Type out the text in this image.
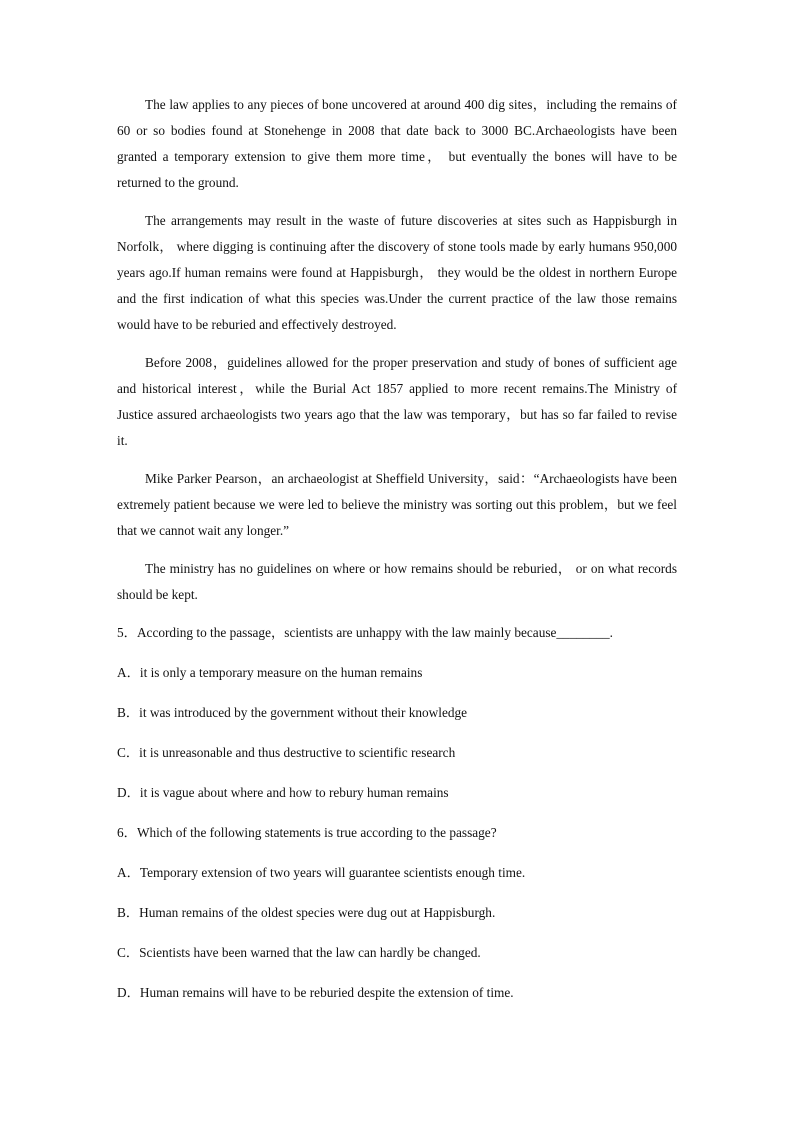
The law applies to any pieces of bone uncovered at around 400 dig sites，including the remains of 60 or so bodies found at Stonehenge in 2008 that date back to 3000 BC.Archaeologists have been granted a temporary extension to give them more time， but eventually the bones will have to be returned to the ground.

The arrangements may result in the waste of future discoveries at sites such as Happisburgh in Norfolk， where digging is continuing after the discovery of stone tools made by early humans 950,000 years ago.If human remains were found at Happisburgh， they would be the oldest in northern Europe and the first indication of what this species was.Under the current practice of the law those remains would have to be reburied and effectively destroyed.

Before 2008，guidelines allowed for the proper preservation and study of bones of sufficient age and historical interest，while the Burial Act 1857 applied to more recent remains.The Ministry of Justice assured archaeologists two years ago that the law was temporary，but has so far failed to revise it.

Mike Parker Pearson，an archaeologist at Sheffield University，said：“Archaeologists have been extremely patient because we were led to believe the ministry was sorting out this problem，but we feel that we cannot wait any longer.”

The ministry has no guidelines on where or how remains should be reburied， or on what records should be kept.

5．According to the passage，scientists are unhappy with the law mainly because________.

A．it is only a temporary measure on the human remains

B．it was introduced by the government without their knowledge

C．it is unreasonable and thus destructive to scientific research

D．it is vague about where and how to rebury human remains

6．Which of the following statements is true according to the passage?

A．Temporary extension of two years will guarantee scientists enough time.

B．Human remains of the oldest species were dug out at Happisburgh.

C．Scientists have been warned that the law can hardly be changed.

D．Human remains will have to be reburied despite the extension of time.
